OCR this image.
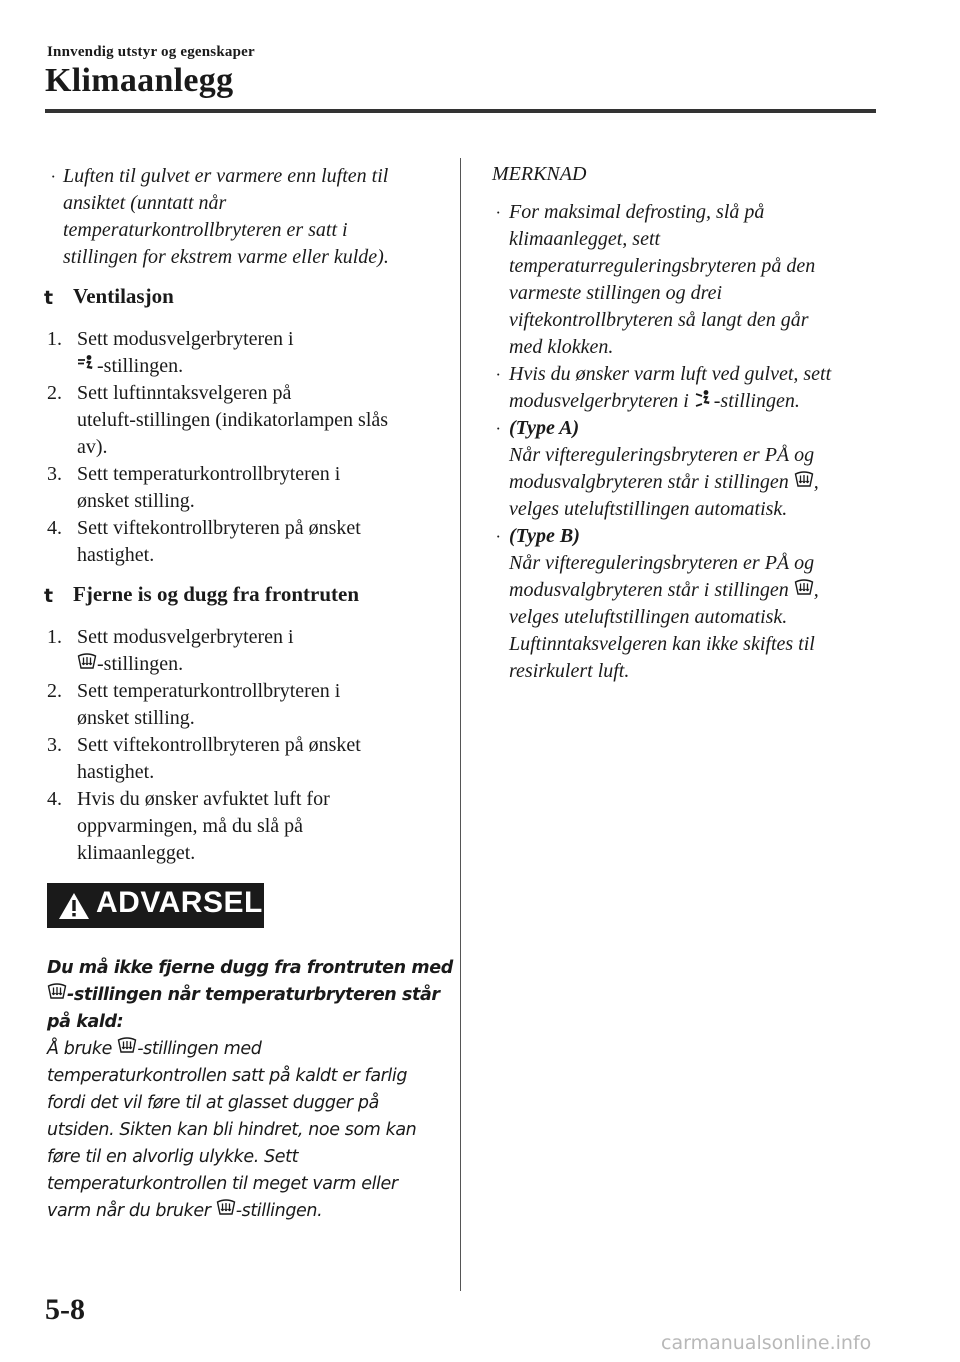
Innvendig utstyr og egenskaper
Klimaanlegg
· Luften til gulvet er varmere enn luften til
ansiktet (unntatt når
temperaturkontrollbryteren er satt i
stillingen for ekstrem varme eller kulde).
t Ventilasjon
1. Sett modusvelgerbryteren i
-stillingen.
2. Sett luftinntaksvelgeren på
uteluft-stillingen (indikatorlampen slås
av).
3. Sett temperaturkontrollbryteren i
ønsket stilling.
4. Sett viftekontrollbryteren på ønsket
hastighet.
t Fjerne is og dugg fra frontruten
1. Sett modusvelgerbryteren i
-stillingen.
2. Sett temperaturkontrollbryteren i
ønsket stilling.
3. Sett viftekontrollbryteren på ønsket
hastighet.
4. Hvis du ønsker avfuktet luft for
oppvarmingen, må du slå på
klimaanlegget.
ADVARSEL
Du må ikke fjerne dugg fra frontruten med
-stillingen når temperaturbryteren står
på kald:
Å bruke -stillingen med
temperaturkontrollen satt på kaldt er farlig
fordi det vil føre til at glasset dugger på
utsiden. Sikten kan bli hindret, noe som kan
føre til en alvorlig ulykke. Sett
temperaturkontrollen til meget varm eller
varm når du bruker -stillingen.
MERKNAD
· For maksimal defrosting, slå på
klimaanlegget, sett
temperaturreguleringsbryteren på den
varmeste stillingen og drei
viftekontrollbryteren så langt den går
med klokken.
· Hvis du ønsker varm luft ved gulvet, sett
modusvelgerbryteren i -stillingen.
· (Type A)
Når viftereguleringsbryteren er PÅ og
modusvalgbryteren står i stillingen ,
velges uteluftstillingen automatisk.
· (Type B)
Når viftereguleringsbryteren er PÅ og
modusvalgbryteren står i stillingen ,
velges uteluftstillingen automatisk.
Luftinntaksvelgeren kan ikke skiftes til
resirkulert luft.
5-8
carmanualsonline.info
